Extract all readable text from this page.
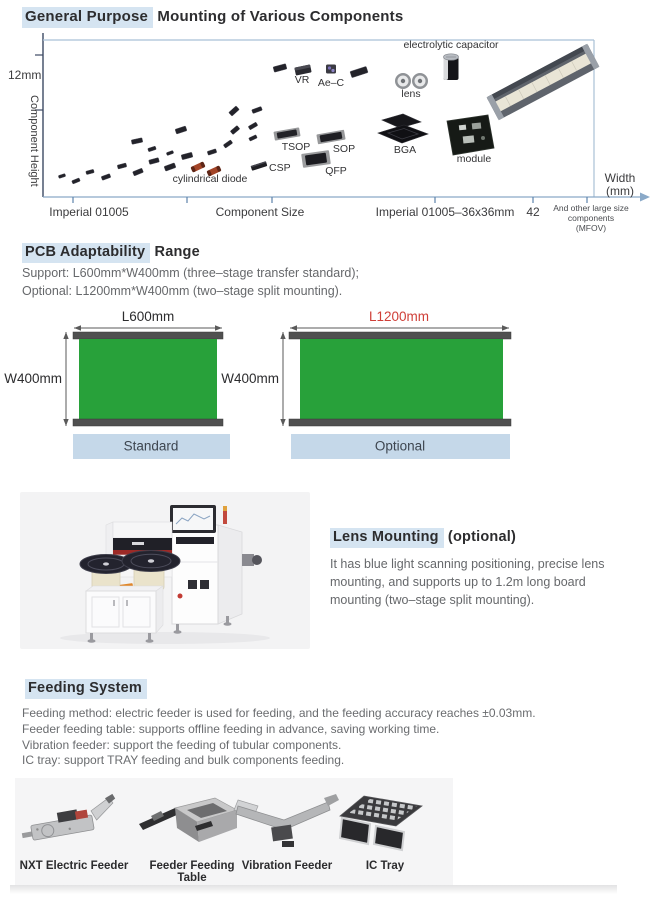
General Purpose Mounting of Various Components
12mm
Component Height
Imperial 01005	Component Size	Imperial 01005–36x36mm 42 And other large size
components
(MFOV)
Width
(mm)
VR Ae–C
lens
electrolytic capacitor
TSOP SOP	BGA
module
CSP	QFP
cylindrical diode
PCB Adaptability Range
Support: L600mm*W400mm (three–stage transfer standard);
Optional: L1200mm*W400mm (two–stage split mounting).
L600mm
W400mm
Standard
L1200mm
W400mm
Optional
Lens Mounting (optional)
It has blue light scanning positioning, precise lens
mounting, and supports up to 1.2m long board
mounting (two–stage split mounting).
Feeding System
Feeding method: electric feeder is used for feeding, and the feeding accuracy reaches ±0.03mm.
Feeder feeding table: supports offline feeding in advance, saving working time.
Vibration feeder: support the feeding of tubular components.
IC tray: support TRAY feeding and bulk components feeding.
NXT Electric Feeder	Feeder Feeding Table
Vibration Feeder	IC Tray
